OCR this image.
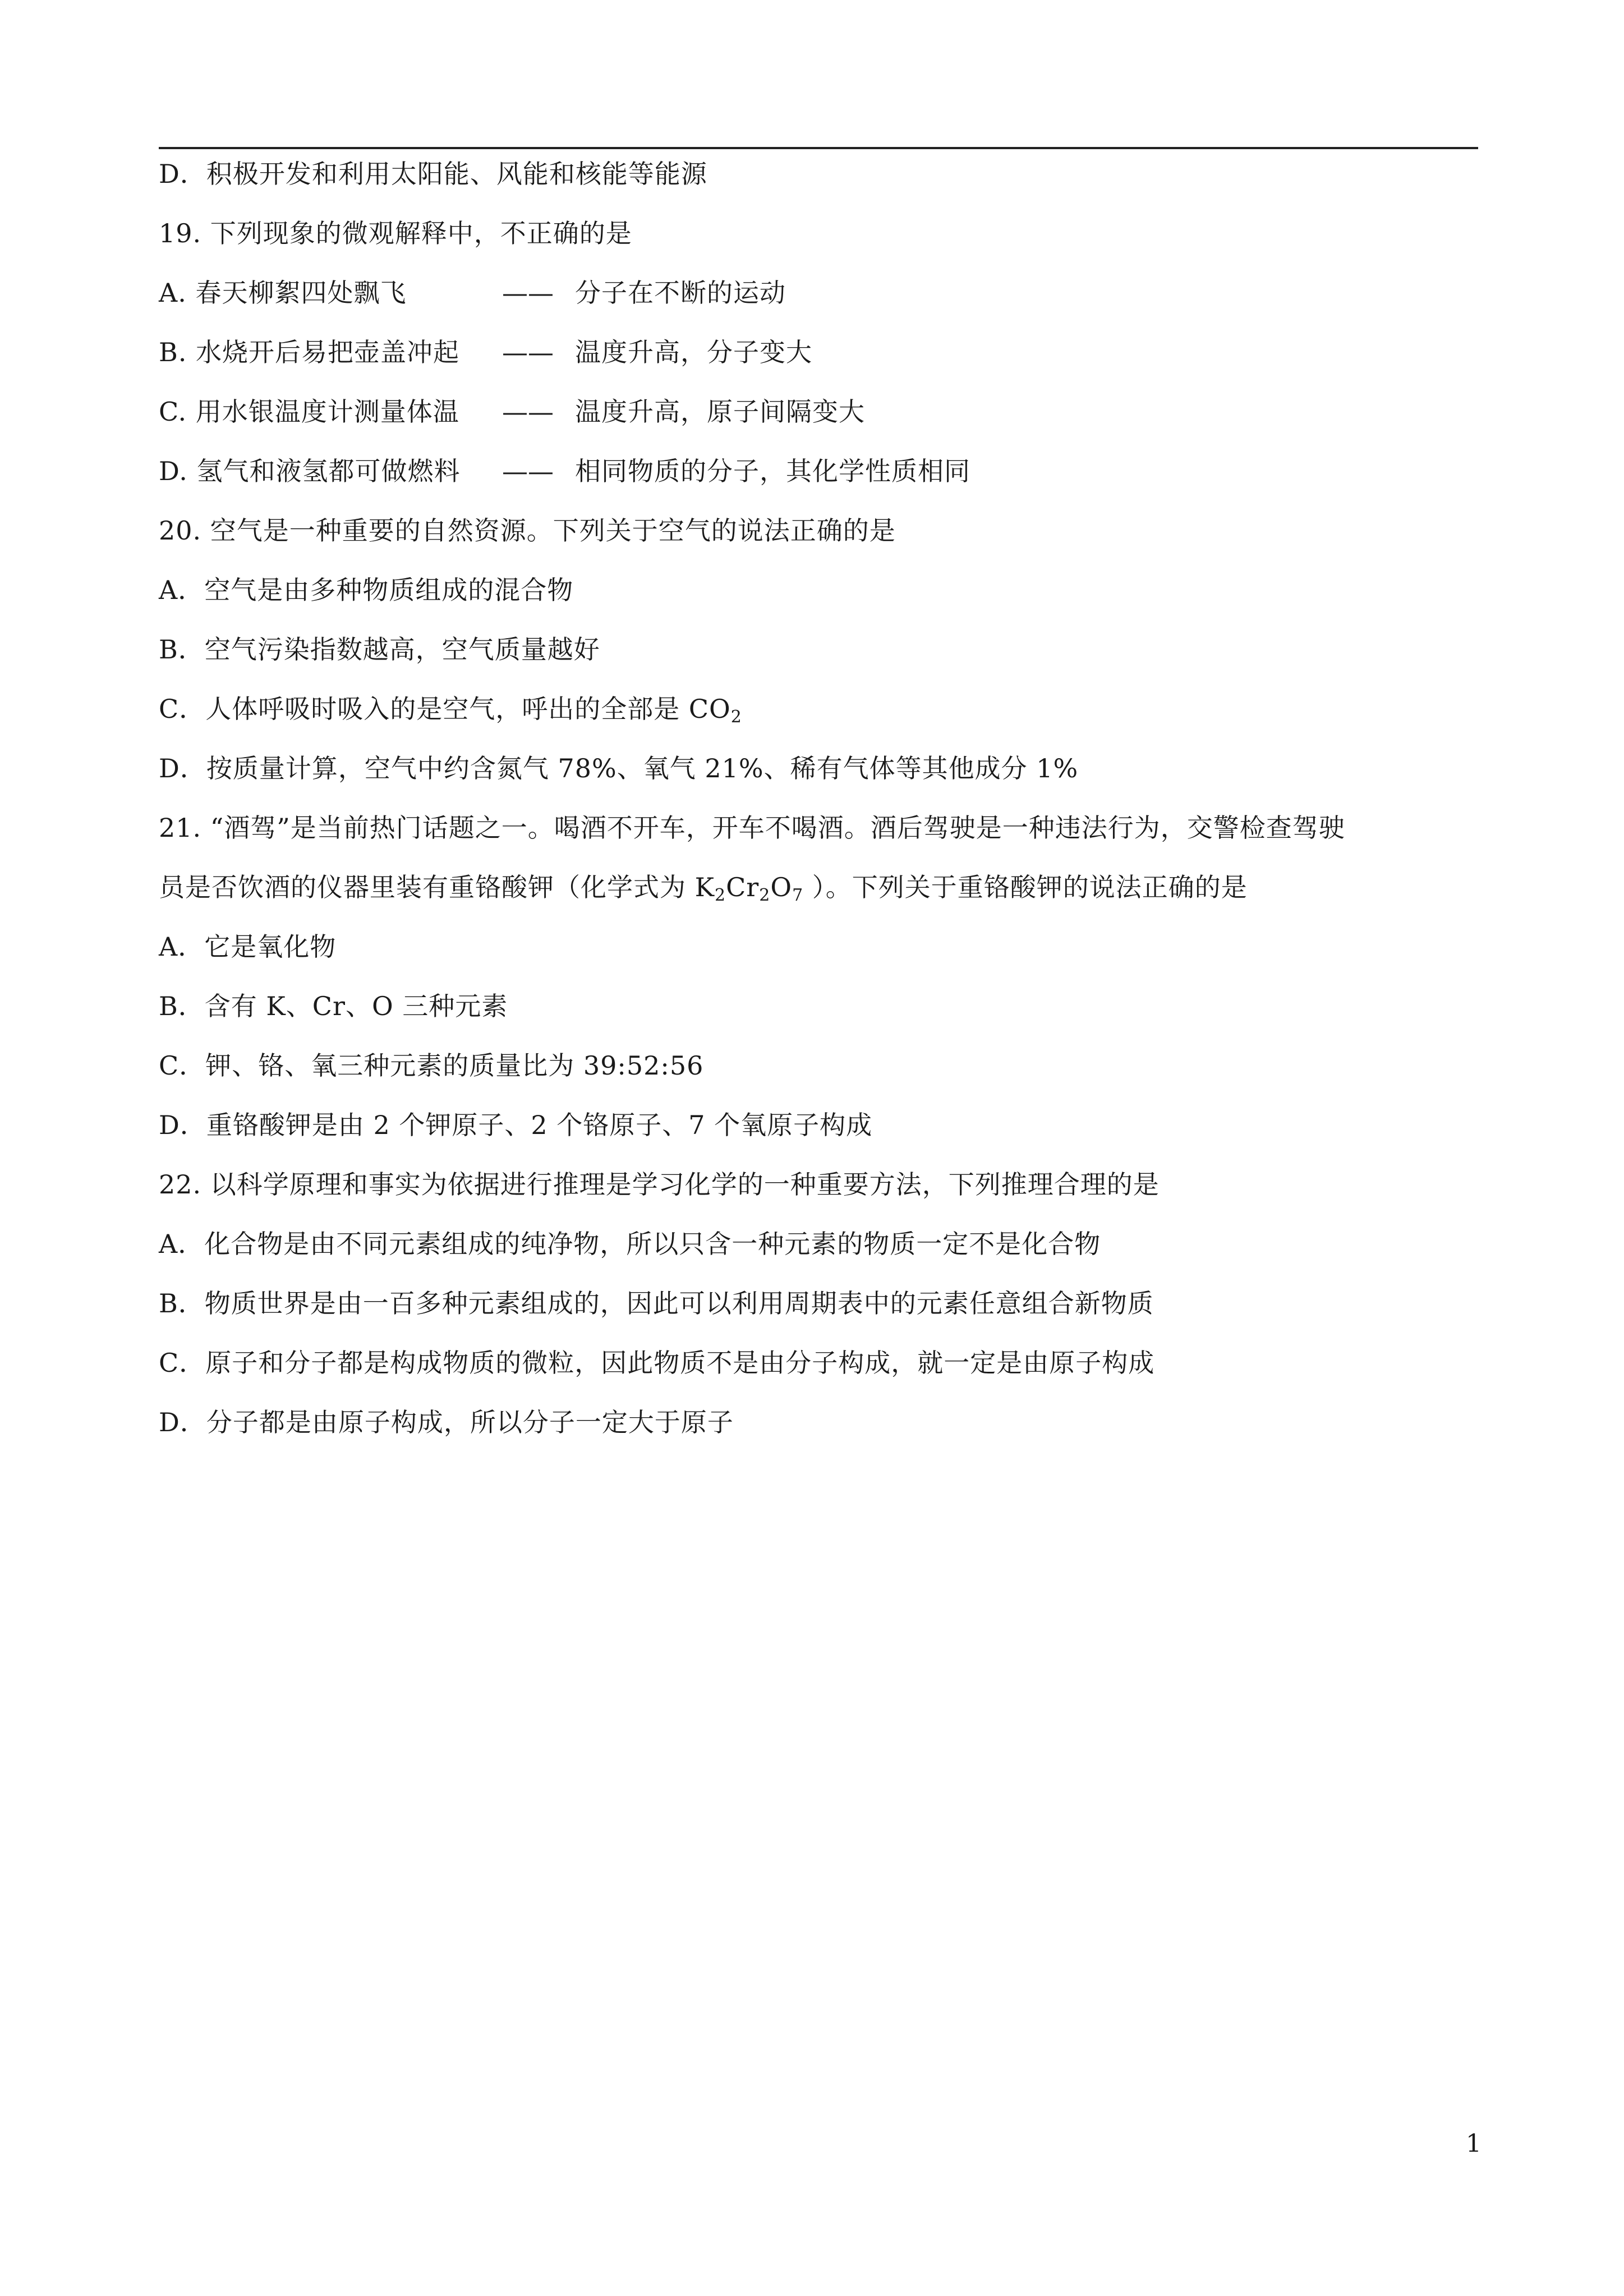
D．积极开发和利用太阳能、风能和核能等能源
19. 下列现象的微观解释中，不正确的是
A. 春天柳絮四处飘飞	—— 分子在不断的运动
B. 水烧开后易把壶盖冲起 —— 温度升高，分子变大
C. 用水银温度计测量体温 —— 温度升高，原子间隔变大
D. 氢气和液氢都可做燃料 —— 相同物质的分子，其化学性质相同
20. 空气是一种重要的自然资源。下列关于空气的说法正确的是
A．空气是由多种物质组成的混合物
B．空气污染指数越高，空气质量越好
C．人体呼吸时吸入的是空气，呼出的全部是 $CO_2$
D．按质量计算，空气中约含氮气 78%、氧气 21%、稀有气体等其他成分 1%
21. “酒驾”是当前热门话题之一。喝酒不开车，开车不喝酒。酒后驾驶是一种违法行为，交警检查驾驶
员是否饮酒的仪器里装有重铬酸钾（化学式为 $K_2Cr_2O_7$ ）。下列关于重铬酸钾的说法正确的是
A．它是氧化物
B．含有 K、Cr、O 三种元素
C．钾、铬、氧三种元素的质量比为 39:52:56
D．重铬酸钾是由 2 个钾原子、2 个铬原子、7 个氧原子构成
22. 以科学原理和事实为依据进行推理是学习化学的一种重要方法，下列推理合理的是
A．化合物是由不同元素组成的纯净物，所以只含一种元素的物质一定不是化合物
B．物质世界是由一百多种元素组成的，因此可以利用周期表中的元素任意组合新物质
C．原子和分子都是构成物质的微粒，因此物质不是由分子构成，就一定是由原子构成
D．分子都是由原子构成，所以分子一定大于原子
1
